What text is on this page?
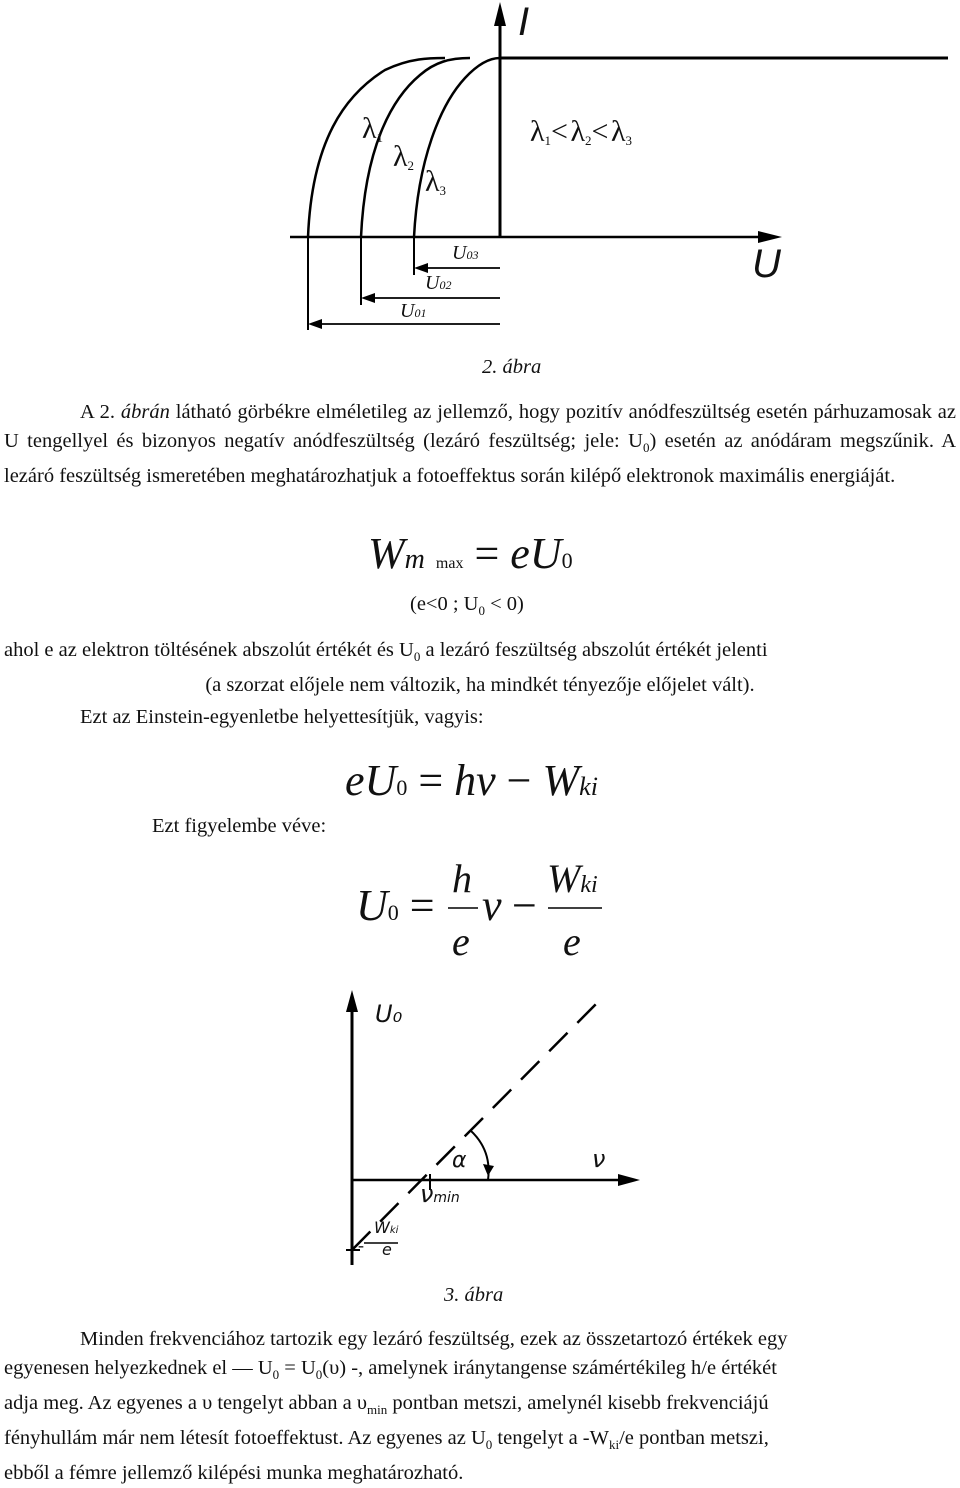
I
U
$\lambda_1$
$\lambda_2$ $\lambda_3$
$\lambda_1<$ $\lambda_2<$ $\lambda_3$
U03
U02
U01
2. ábra
A 2. ábrán látható görbékre elméletileg az jellemző, hogy pozitív anódfeszültség esetén párhuzamosak az U tengellyel és bizonyos negatív anódfeszültség (lezáró feszültség; jele: $U_0$) esetén az anódáram megszűnik. A lezáró feszültség ismeretében meghatározhatjuk a fotoeffektus során kilépő elektronok maximális energiáját.
Wm max = eU0
(e<0 ; $U_0 < 0$)
ahol e az elektron töltésének abszolút értékét és $U_0$ a lezáró feszültség abszolút értékét jelenti
(a szorzat előjele nem változik, ha mindkét tényezője előjelet vált).
Ezt az Einstein-egyenletbe helyettesítjük, vagyis:
eU0 = hν − Wki
Ezt figyelembe véve:
U0 =
h
e
ν −
Wki
e
U₀
ν
α
νmin
Wki
e
-
3. ábra
Minden frekvenciához tartozik egy lezáró feszültség, ezek az összetartozó értékek egy
egyenesen helyezkednek el — $U_0 = U_0(\upsilon)$ -, amelynek iránytangense számértékileg h/e értékét
adja meg. Az egyenes a υ tengelyt abban a $\upsilon_{min}$ pontban metszi, amelynél kisebb frekvenciájú
fényhullám már nem létesít fotoeffektust. Az egyenes az $U_0$ tengelyt a $-W_{ki}/e$ pontban metszi,
ebből a fémre jellemző kilépési munka meghatározható.
